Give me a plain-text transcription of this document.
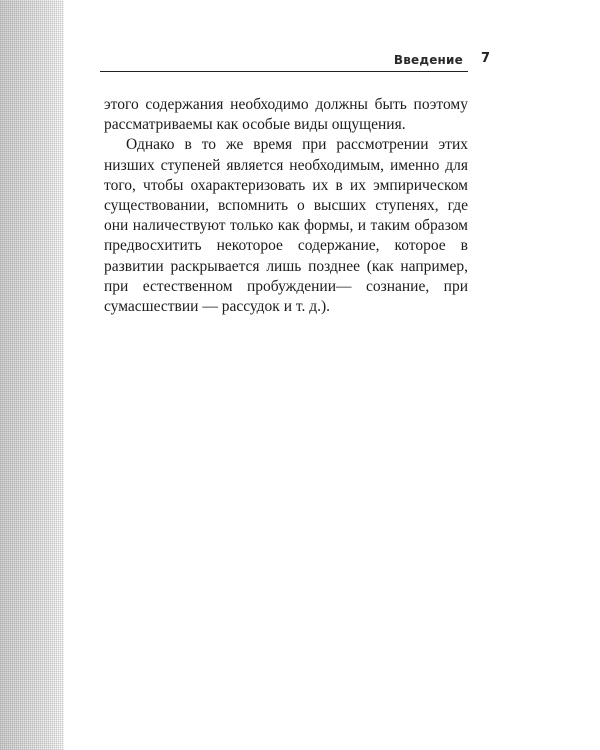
Введение 7

этого содержания необходимо должны быть поэтому рассматриваемы как особые виды ощущения.

Однако в то же время при рассмотрении этих низших ступеней является необходимым, именно для того, чтобы охарактеризовать их в их эмпирическом существовании, вспомнить о высших ступенях, где они наличествуют только как формы, и таким образом предвосхитить некоторое содержание, которое в развитии раскрывается лишь позднее (как например, при естественном пробуждении— сознание, при сумасшествии — рассудок и т. д.).
